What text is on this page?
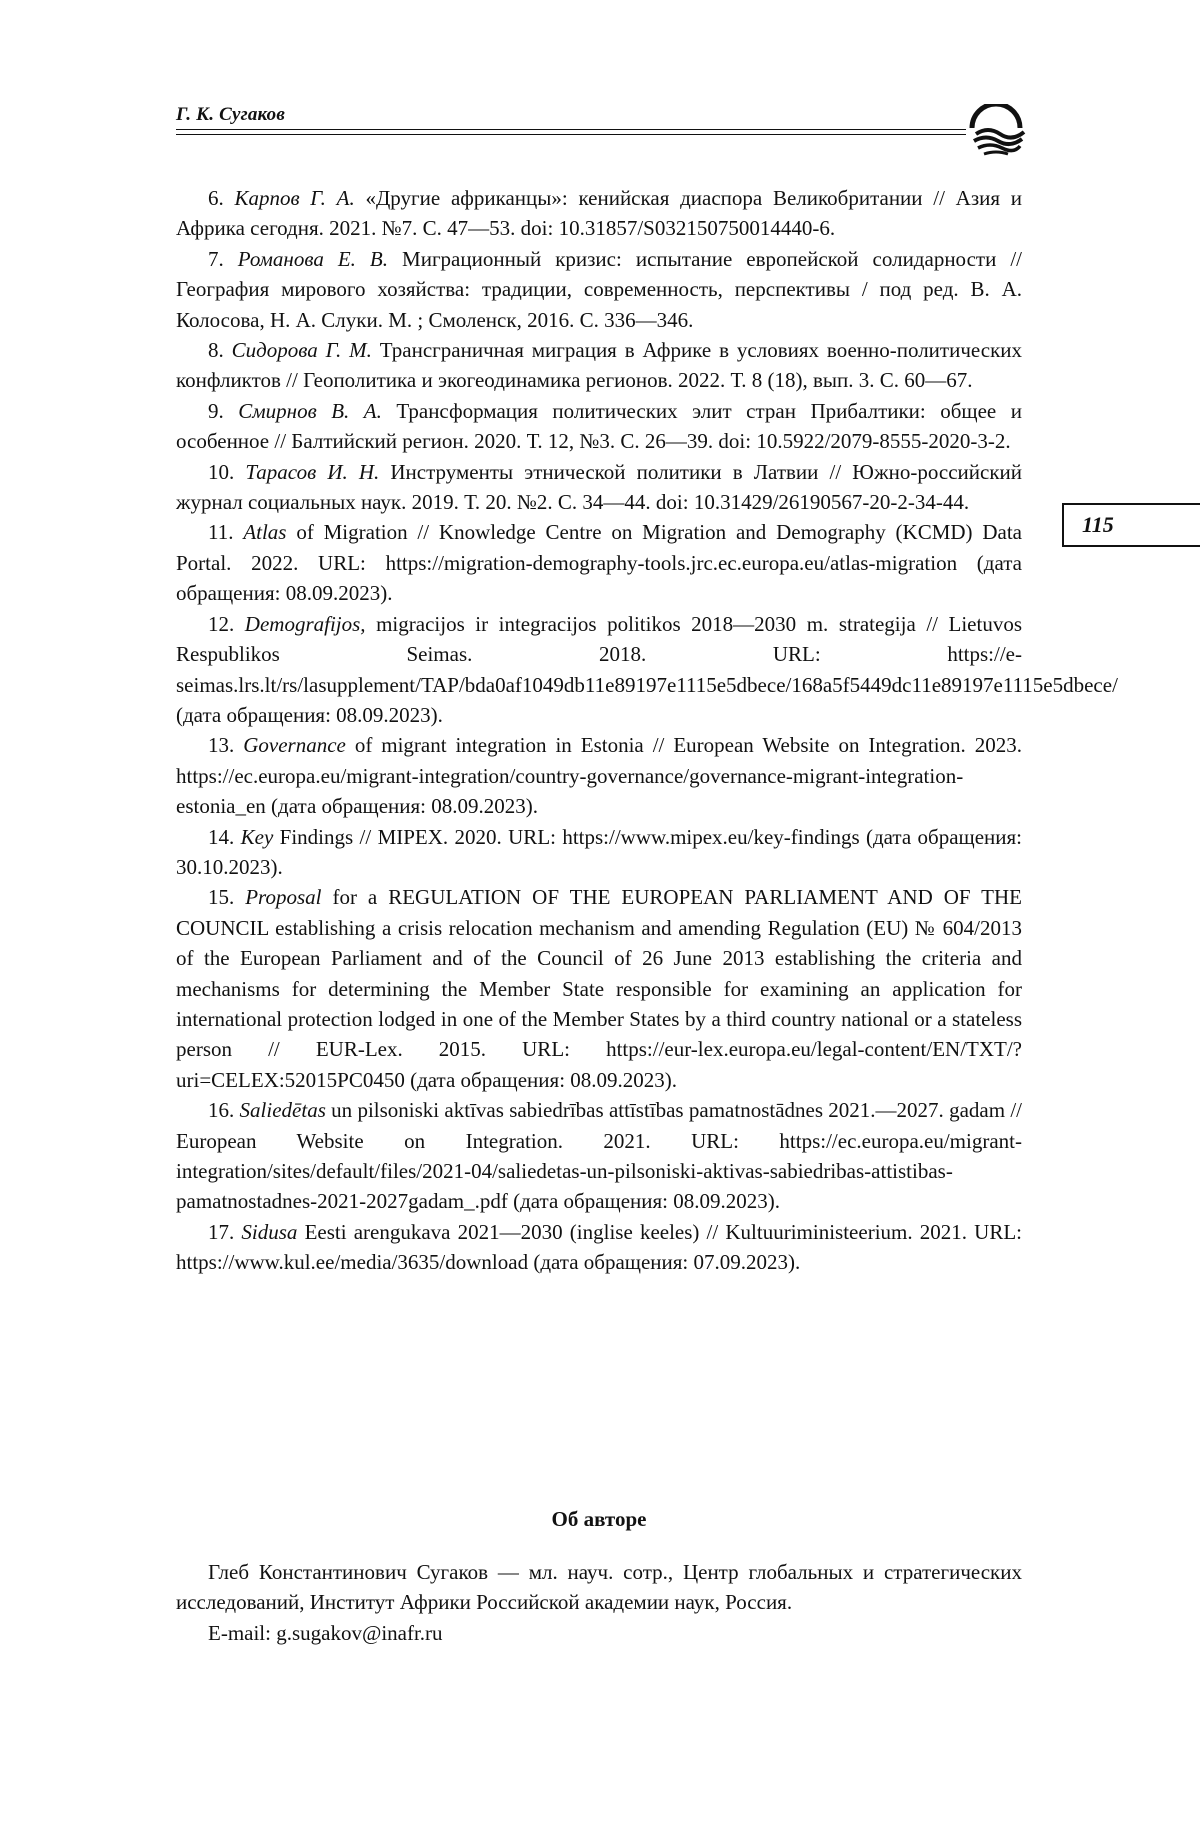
Г. К. Сугаков
115

6. Карпов Г. А. «Другие африканцы»: кенийская диаспора Великобритании // Азия и Африка сегодня. 2021. №7. С. 47—53. doi: 10.31857/S032150750014440-6.

7. Романова Е. В. Миграционный кризис: испытание европейской солидарности // География мирового хозяйства: традиции, современность, перспективы / под ред. В. А. Колосова, Н. А. Слуки. М. ; Смоленск, 2016. С. 336—346.

8. Сидорова Г. М. Трансграничная миграция в Африке в условиях военно-политических конфликтов // Геополитика и экогеодинамика регионов. 2022. Т. 8 (18), вып. 3. С. 60—67.

9. Смирнов В. А. Трансформация политических элит стран Прибалтики: общее и особенное // Балтийский регион. 2020. Т. 12, №3. С. 26—39. doi: 10.5922/2079-8555-2020-3-2.

10. Тарасов И. Н. Инструменты этнической политики в Латвии // Южно-российский журнал социальных наук. 2019. Т. 20. №2. С. 34—44. doi: 10.31429/26190567-20-2-34-44.

11. Atlas of Migration // Knowledge Centre on Migration and Demography (KCMD) Data Portal. 2022. URL: https://migration-demography-tools.jrc.ec.europa.eu/atlas-migration (дата обращения: 08.09.2023).

12. Demografijos, migracijos ir integracijos politikos 2018—2030 m. strategija // Lietuvos Respublikos Seimas. 2018. URL: https://e-seimas.lrs.lt/rs/lasupplement/TAP/bda0af1049db11e89197e1115e5dbece/168a5f5449dc11e89197e1115e5dbece/ (дата обращения: 08.09.2023).

13. Governance of migrant integration in Estonia // European Website on Integration. 2023. https://ec.europa.eu/migrant-integration/country-governance/governance-migrant-integration-estonia_en (дата обращения: 08.09.2023).

14. Key Findings // MIPEX. 2020. URL: https://www.mipex.eu/key-findings (дата обращения: 30.10.2023).

15. Proposal for a REGULATION OF THE EUROPEAN PARLIAMENT AND OF THE COUNCIL establishing a crisis relocation mechanism and amending Regulation (EU) № 604/2013 of the European Parliament and of the Council of 26 June 2013 establishing the criteria and mechanisms for determining the Member State responsible for examining an application for international protection lodged in one of the Member States by a third country national or a stateless person // EUR-Lex. 2015. URL: https://eur-lex.europa.eu/legal-content/EN/TXT/?uri=CELEX:52015PC0450 (дата обращения: 08.09.2023).

16. Saliedētas un pilsoniski aktīvas sabiedrības attīstības pamatnostādnes 2021.—2027. gadam // European Website on Integration. 2021. URL: https://ec.europa.eu/migrant-integration/sites/default/files/2021-04/saliedetas-un-pilsoniski-aktivas-sabiedribas-attistibas-pamatnostadnes-2021-2027gadam_.pdf (дата обращения: 08.09.2023).

17. Sidusa Eesti arengukava 2021—2030 (inglise keeles) // Kultuuriministeerium. 2021. URL: https://www.kul.ee/media/3635/download (дата обращения: 07.09.2023).

Об авторе

Глеб Константинович Сугаков — мл. науч. сотр., Центр глобальных и стратегических исследований, Институт Африки Российской академии наук, Россия.

E-mail: g.sugakov@inafr.ru
